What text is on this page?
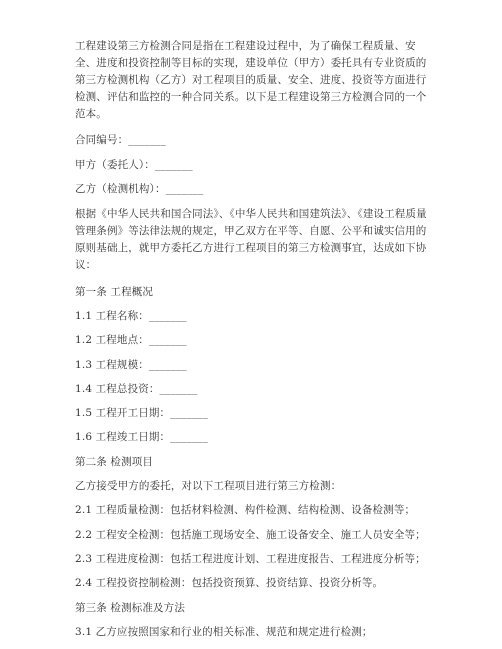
工程建设第三方检测合同是指在工程建设过程中，为了确保工程质量、安全、进度和投资控制等目标的实现，建设单位（甲方）委托具有专业资质的第三方检测机构（乙方）对工程项目的质量、安全、进度、投资等方面进行检测、评估和监控的一种合同关系。以下是工程建设第三方检测合同的一个范本。
合同编号：_______
甲方（委托人）：_______
乙方（检测机构）：_______
根据《中华人民共和国合同法》、《中华人民共和国建筑法》、《建设工程质量管理条例》等法律法规的规定，甲乙双方在平等、自愿、公平和诚实信用的原则基础上，就甲方委托乙方进行工程项目的第三方检测事宜，达成如下协议：
第一条 工程概况
1.1 工程名称：_______
1.2 工程地点：_______
1.3 工程规模：_______
1.4 工程总投资：_______
1.5 工程开工日期：_______
1.6 工程竣工日期：_______
第二条 检测项目
乙方接受甲方的委托，对以下工程项目进行第三方检测：
2.1 工程质量检测：包括材料检测、构件检测、结构检测、设备检测等；
2.2 工程安全检测：包括施工现场安全、施工设备安全、施工人员安全等；
2.3 工程进度检测：包括工程进度计划、工程进度报告、工程进度分析等；
2.4 工程投资控制检测：包括投资预算、投资结算、投资分析等。
第三条 检测标准及方法
3.1 乙方应按照国家和行业的相关标准、规范和规定进行检测；
